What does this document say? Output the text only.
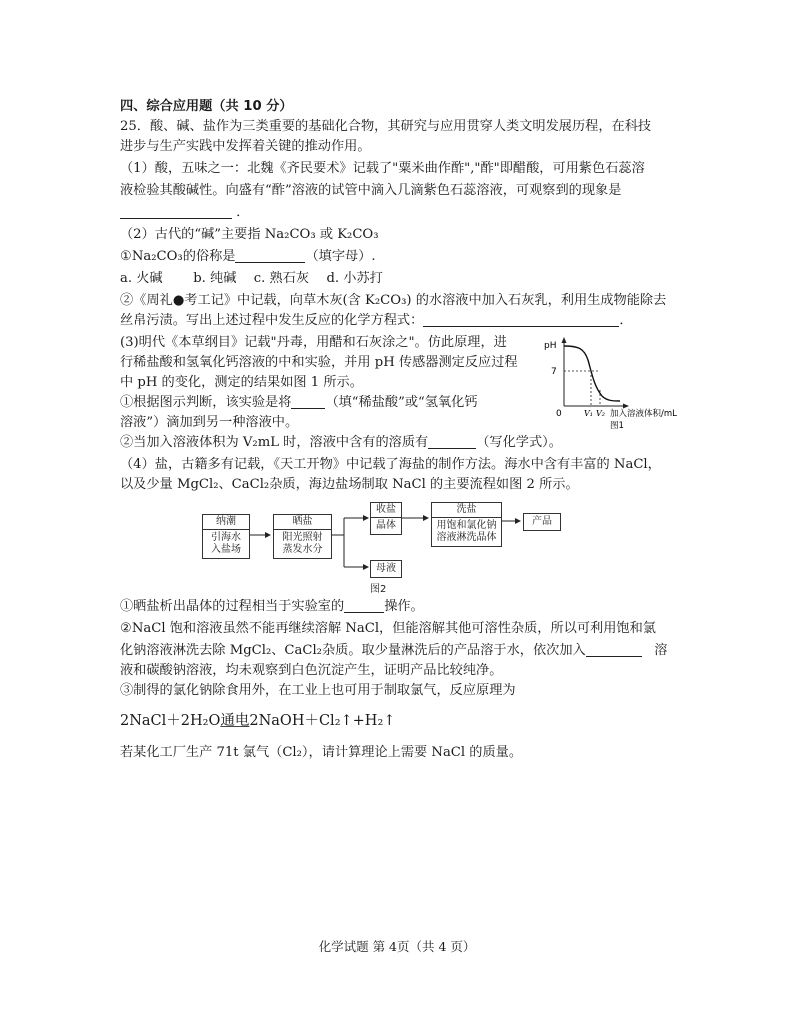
四、综合应用题（共 10 分）
25．酸、碱、盐作为三类重要的基础化合物，其研究与应用贯穿人类文明发展历程，在科技
进步与生产实践中发挥着关键的推动作用。
（1）酸，五味之一：北魏《齐民要术》记载了"粟米曲作酢","酢"即醋酸，可用紫色石蕊溶
液检验其酸碱性。向盛有“酢”溶液的试管中滴入几滴紫色石蕊溶液，可观察到的现象是
．
（2）古代的“碱”主要指 Na₂CO₃ 或 K₂CO₃
①Na₂CO₃的俗称是	（填字母）.
a. 火碱　　 b. 纯碱　 c. 熟石灰　 d. 小苏打
②《周礼●考工记》中记载，向草木灰(含 K₂CO₃) 的水溶液中加入石灰乳，利用生成物能除去
丝帛污渍。写出上述过程中发生反应的化学方程式：	．
(3)明代《本草纲目》记载"丹毒，用醋和石灰涂之"。仿此原理，进
行稀盐酸和氢氧化钙溶液的中和实验，并用 pH 传感器测定反应过程
中 pH 的变化，测定的结果如图 1 所示。
①根据图示判断，该实验是将	（填“稀盐酸”或“氢氧化钙
溶液”）滴加到另一种溶液中。
②当加入溶液体积为 V₂mL 时，溶液中含有的溶质有	（写化学式）。
pH
7
0	V₁ V₂ 加入溶液体积/mL
图1
（4）盐，古籍多有记载，《天工开物》中记载了海盐的制作方法。海水中含有丰富的 NaCl，
以及少量 MgCl₂、CaCl₂杂质，海边盐场制取 NaCl 的主要流程如图 2 所示。
纳潮
引海水
入盐场
晒盐
阳光照射
蒸发水分
收盐
晶体
洗盐
用饱和氯化钠
溶液淋洗晶体
产品
母液
图2
①晒盐析出晶体的过程相当于实验室的	操作。
②NaCl 饱和溶液虽然不能再继续溶解 NaCl，但能溶解其他可溶性杂质，所以可利用饱和氯
化钠溶液淋洗去除 MgCl₂、CaCl₂杂质。取少量淋洗后的产品溶于水，依次加入	溶
液和碳酸钠溶液，均未观察到白色沉淀产生，证明产品比较纯净。
③制得的氯化钠除食用外，在工业上也可用于制取氯气，反应原理为
2NaCl＋2H₂O通电2NaOH＋Cl₂↑+H₂↑
若某化工厂生产 71t 氯气（Cl₂），请计算理论上需要 NaCl 的质量。
化学试题 第 4页（共 4 页）
